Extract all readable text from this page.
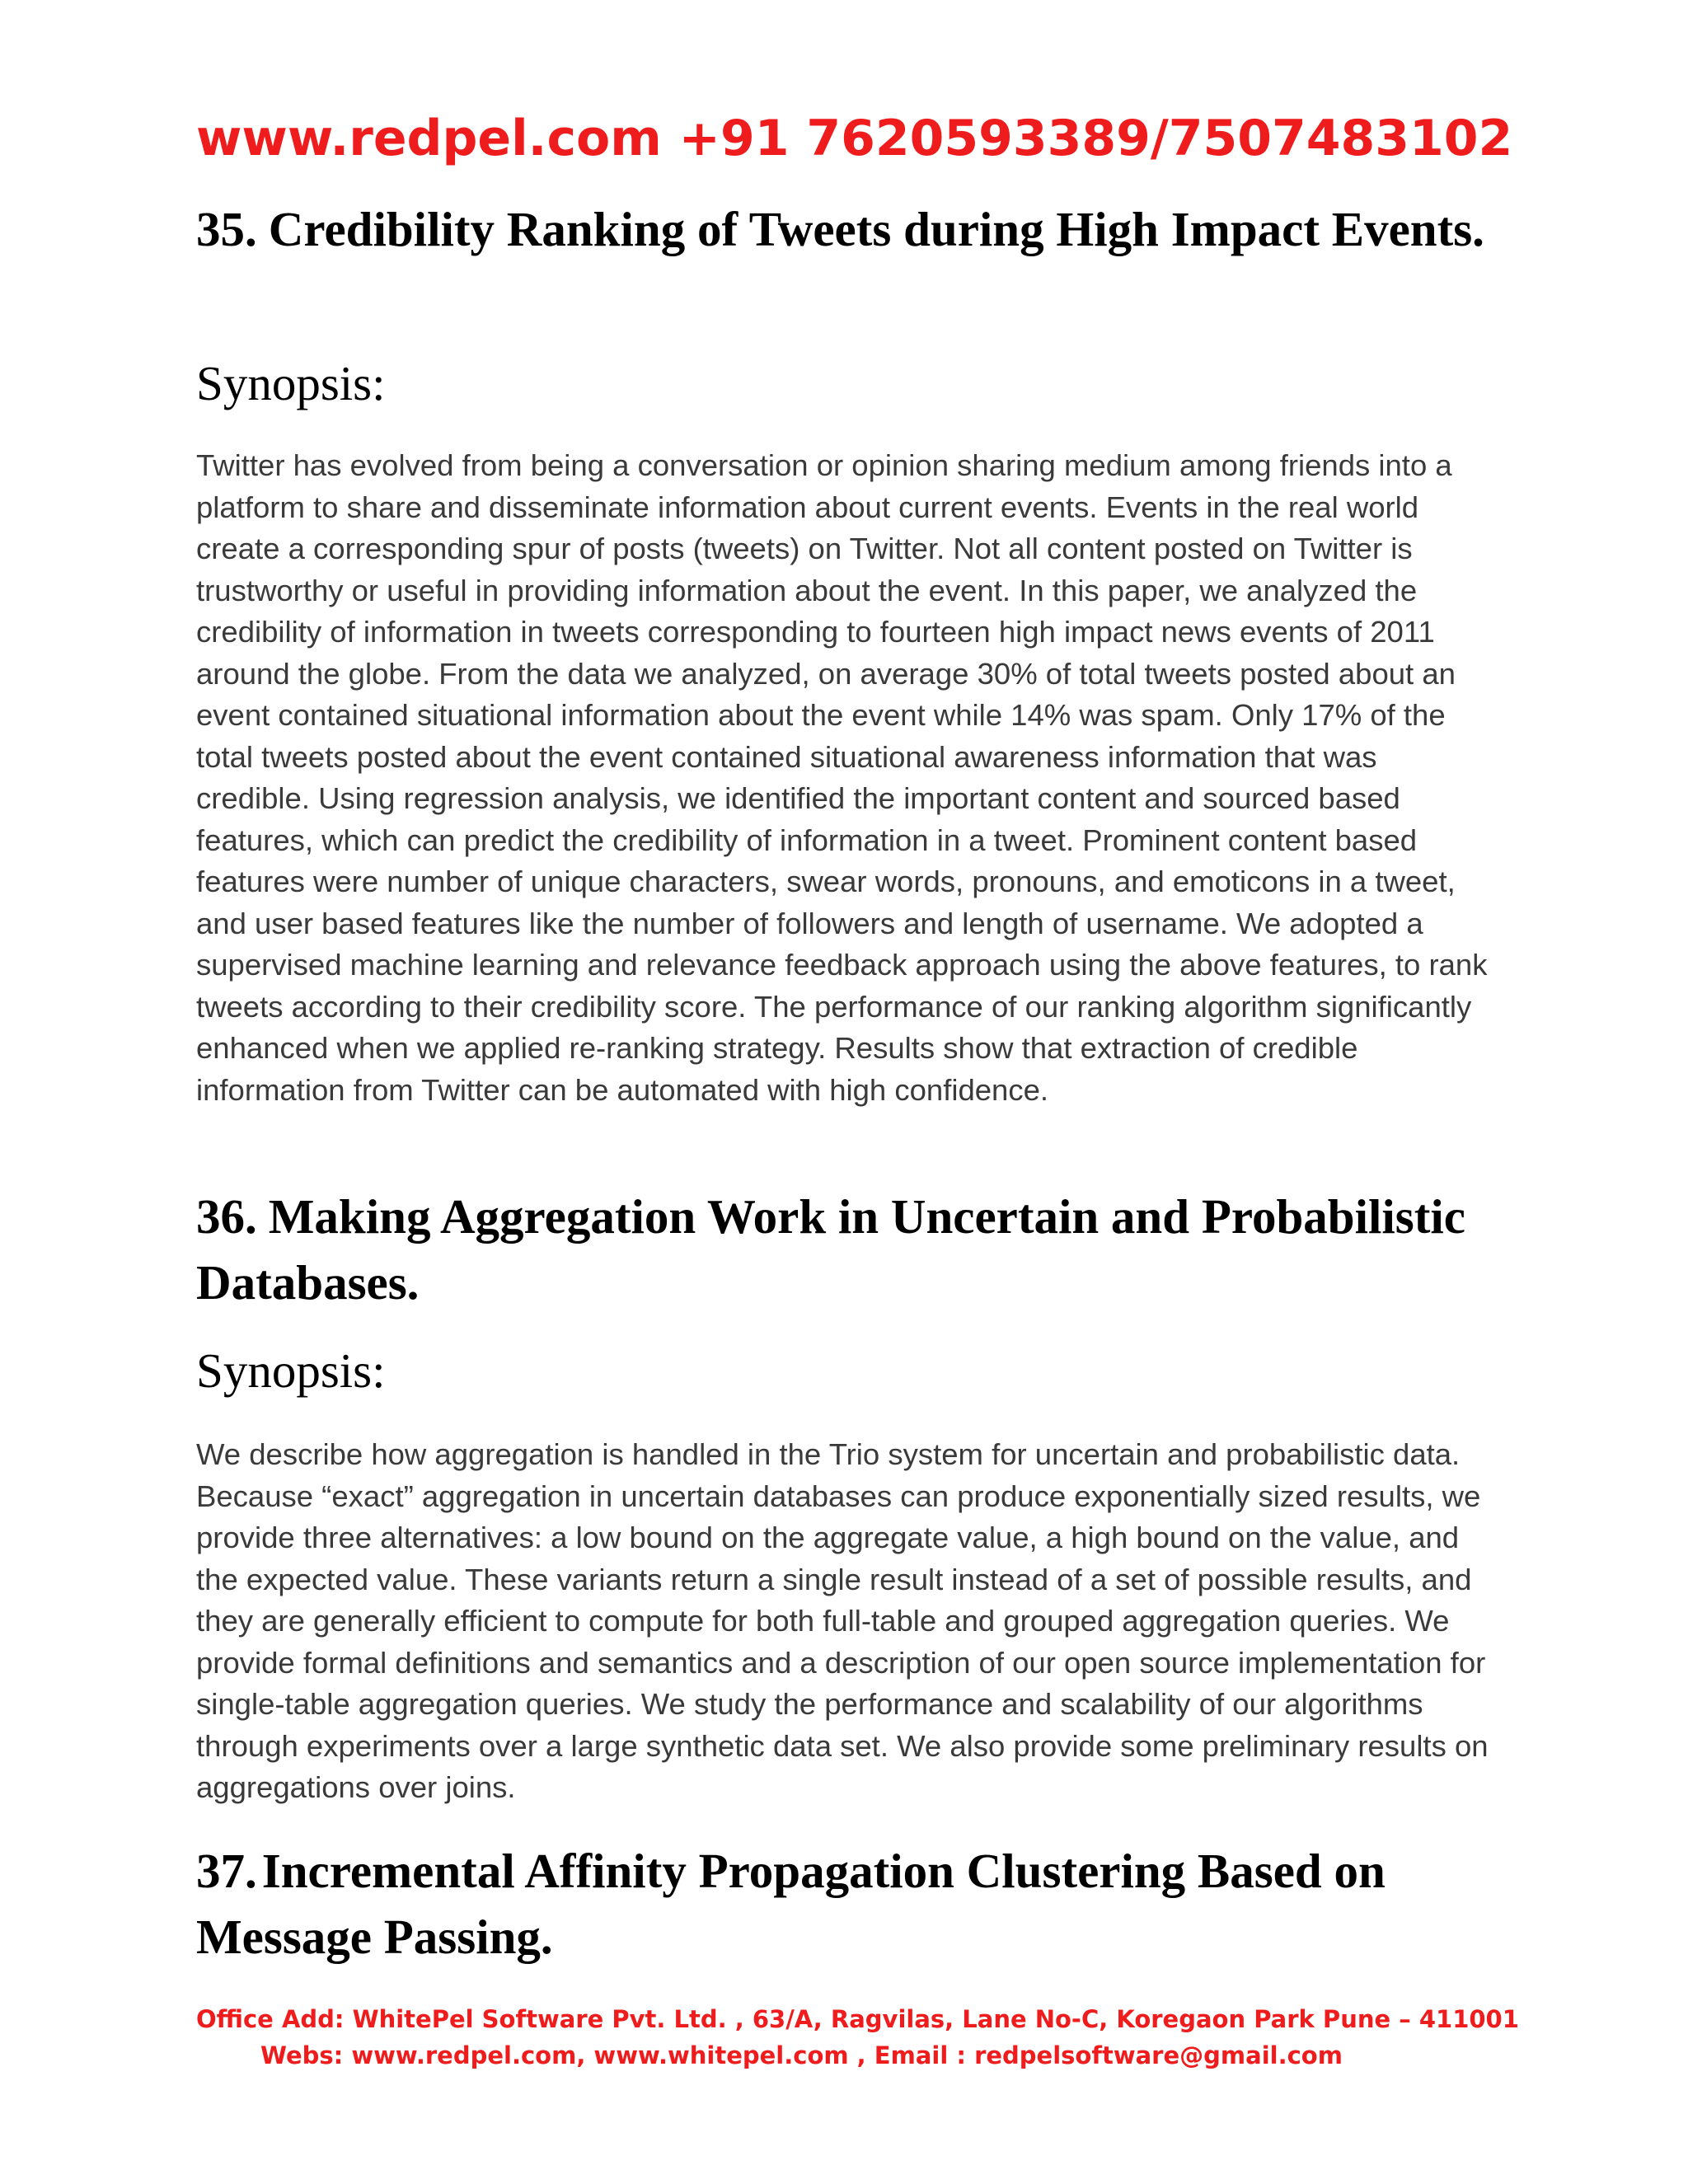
www.redpel.com +91 7620593389/7507483102

35. Credibility Ranking of Tweets during High Impact Events.
Synopsis:

Twitter has evolved from being a conversation or opinion sharing medium among friends into a platform to share and disseminate information about current events. Events in the real world create a corresponding spur of posts (tweets) on Twitter. Not all content posted on Twitter is trustworthy or useful in providing information about the event. In this paper, we analyzed the credibility of information in tweets corresponding to fourteen high impact news events of 2011 around the globe. From the data we analyzed, on average 30% of total tweets posted about an event contained situational information about the event while 14% was spam. Only 17% of the total tweets posted about the event contained situational awareness information that was credible. Using regression analysis, we identified the important content and sourced based features, which can predict the credibility of information in a tweet. Prominent content based features were number of unique characters, swear words, pronouns, and emoticons in a tweet, and user based features like the number of followers and length of username. We adopted a supervised machine learning and relevance feedback approach using the above features, to rank tweets according to their credibility score. The performance of our ranking algorithm significantly enhanced when we applied re-ranking strategy. Results show that extraction of credible information from Twitter can be automated with high confidence.

36. Making Aggregation Work in Uncertain and Probabilistic Databases.
Synopsis:

We describe how aggregation is handled in the Trio system for uncertain and probabilistic data. Because “exact” aggregation in uncertain databases can produce exponentially sized results, we provide three alternatives: a low bound on the aggregate value, a high bound on the value, and the expected value. These variants return a single result instead of a set of possible results, and they are generally efficient to compute for both full-table and grouped aggregation queries. We provide formal definitions and semantics and a description of our open source implementation for single-table aggregation queries. We study the performance and scalability of our algorithms through experiments over a large synthetic data set. We also provide some preliminary results on aggregations over joins.

37. Incremental Affinity Propagation Clustering Based on Message Passing.

Office Add: WhitePel Software Pvt. Ltd. , 63/A, Ragvilas, Lane No-C, Koregaon Park Pune – 411001

Webs: www.redpel.com, www.whitepel.com , Email : redpelsoftware@gmail.com
